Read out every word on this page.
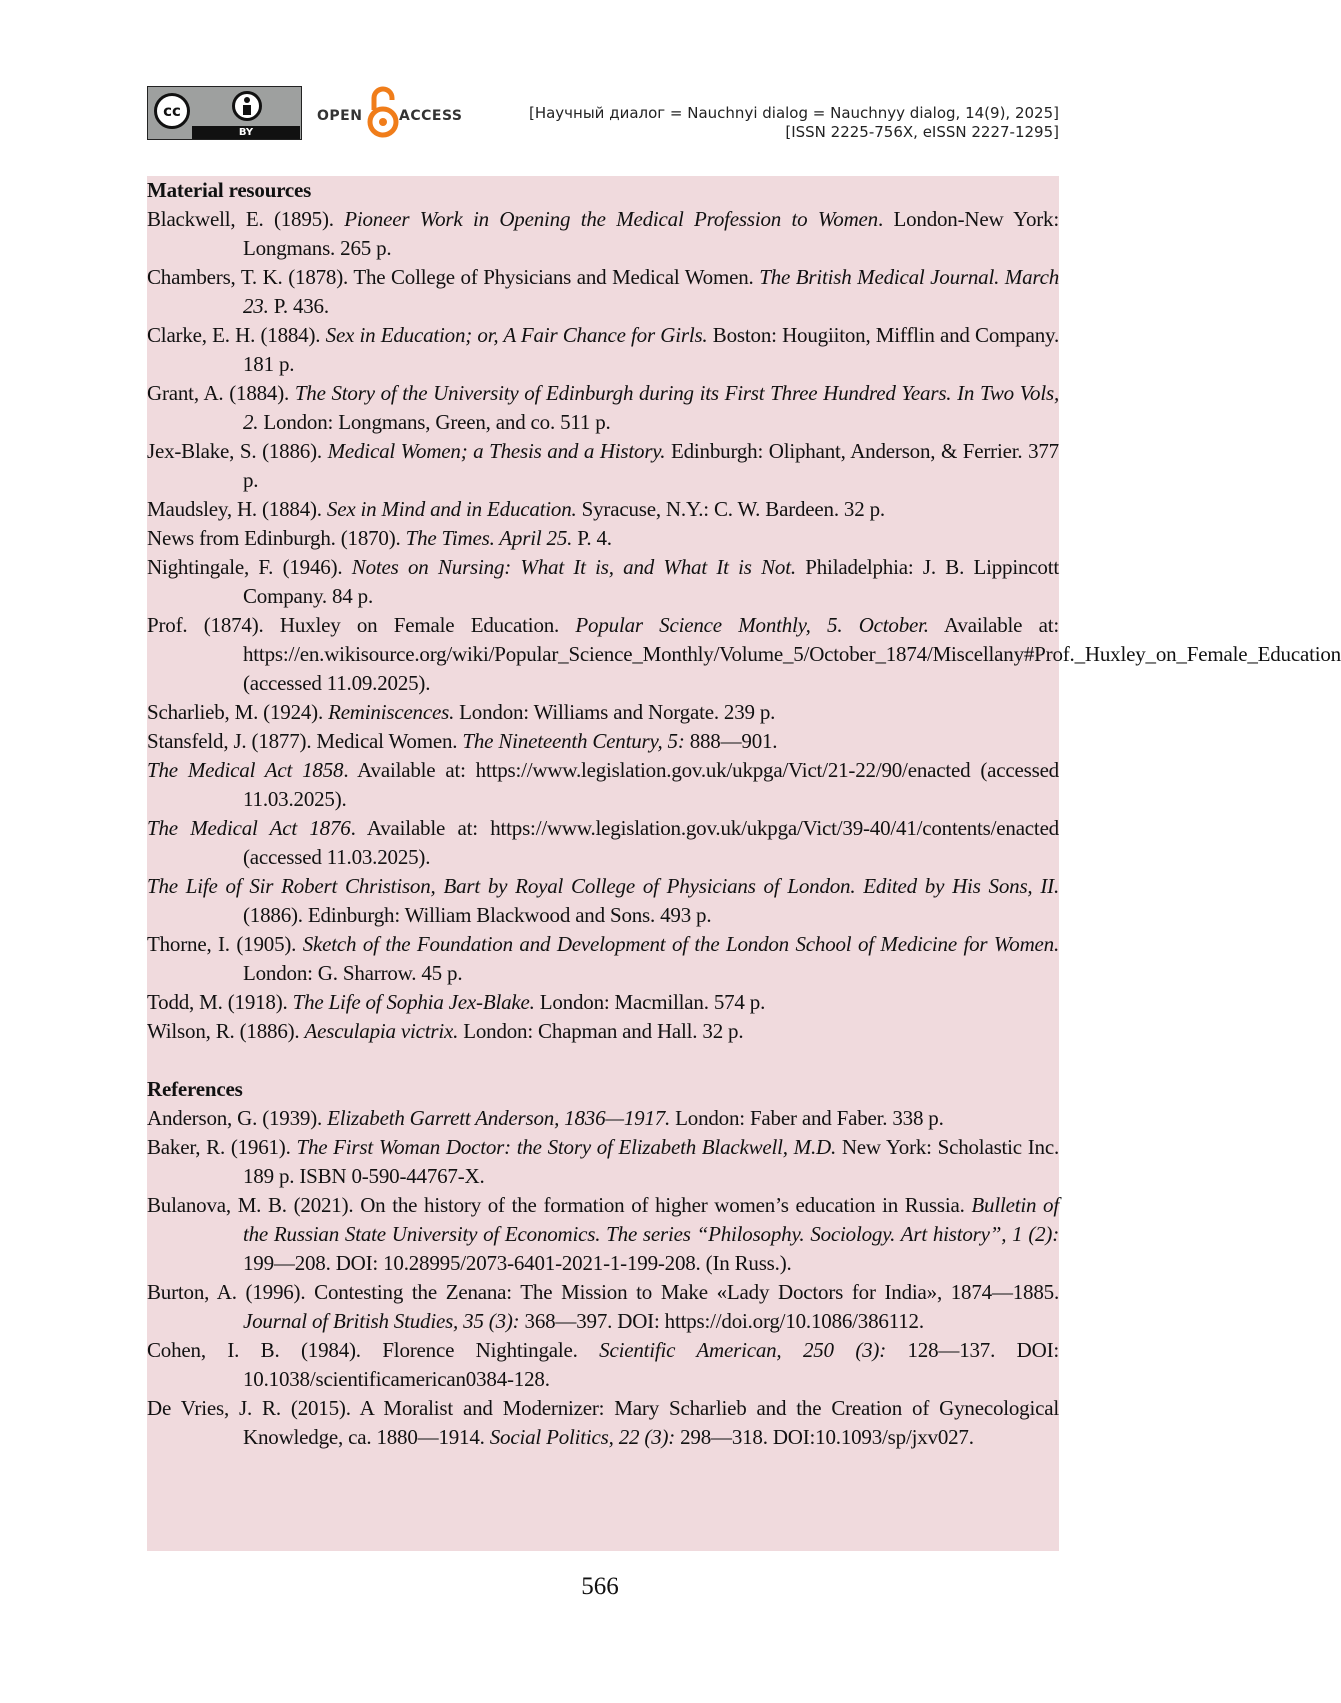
cc
BY
OPEN	ACCESS	[Научный диалог = Nauchnyi dialog = Nauchnyy dialog, 14(9), 2025]
[ISSN 2225-756X, eISSN 2227-1295]
Material resources
Blackwell, E. (1895). Pioneer Work in Opening the Medical Profession to Women. London-New York: Longmans. 265 p.
Chambers, T. K. (1878). The College of Physicians and Medical Women. The British Medical Journal. March 23. P. 436.
Clarke, E. H. (1884). Sex in Education; or, A Fair Chance for Girls. Boston: Hougiiton, Mifflin and Company. 181 p.
Grant, A. (1884). The Story of the University of Edinburgh during its First Three Hundred Years. In Two Vols, 2. London: Longmans, Green, and co. 511 p.
Jex-Blake, S. (1886). Medical Women; a Thesis and a History. Edinburgh: Oliphant, Anderson, & Ferrier. 377 p.
Maudsley, H. (1884). Sex in Mind and in Education. Syracuse, N.Y.: C. W. Bardeen. 32 p.
News from Edinburgh. (1870). The Times. April 25. P. 4.
Nightingale, F. (1946). Notes on Nursing: What It is, and What It is Not. Philadelphia: J. B. Lippincott Company. 84 p.
Prof. (1874). Huxley on Female Education. Popular Science Monthly, 5. October. Available at: https://en.wikisource.org/wiki/Popular_Science_Monthly/Volume_5/October_1874/Miscellany#Prof._Huxley_on_Female_Education (accessed 11.09.2025).
Scharlieb, M. (1924). Reminiscences. London: Williams and Norgate. 239 p.
Stansfeld, J. (1877). Medical Women. The Nineteenth Century, 5: 888—901.
The Medical Act 1858. Available at: https://www.legislation.gov.uk/ukpga/Vict/21-22/90/enacted (accessed 11.03.2025).
The Medical Act 1876. Available at: https://www.legislation.gov.uk/ukpga/Vict/39-40/41/contents/enacted (accessed 11.03.2025).
The Life of Sir Robert Christison, Bart by Royal College of Physicians of London. Edited by His Sons, II. (1886). Edinburgh: William Blackwood and Sons. 493 p.
Thorne, I. (1905). Sketch of the Foundation and Development of the London School of Medicine for Women. London: G. Sharrow. 45 p.
Todd, M. (1918). The Life of Sophia Jex-Blake. London: Macmillan. 574 p.
Wilson, R. (1886). Aesculapia victrix. London: Chapman and Hall. 32 p.
References
Anderson, G. (1939). Elizabeth Garrett Anderson, 1836—1917. London: Faber and Faber. 338 p.
Baker, R. (1961). The First Woman Doctor: the Story of Elizabeth Blackwell, M.D. New York: Scholastic Inc. 189 p. ISBN 0-590-44767-X.
Bulanova, M. B. (2021). On the history of the formation of higher women’s education in Russia. Bulletin of the Russian State University of Economics. The series “Philosophy. Sociology. Art history”, 1 (2): 199—208. DOI: 10.28995/2073-6401-2021-1-199-208. (In Russ.).
Burton, A. (1996). Contesting the Zenana: The Mission to Make «Lady Doctors for India», 1874—1885. Journal of British Studies, 35 (3): 368—397. DOI: https://doi.org/10.1086/386112.
Cohen, I. B. (1984). Florence Nightingale. Scientific American, 250 (3): 128—137. DOI: 10.1038/scientificamerican0384-128.
De Vries, J. R. (2015). A Moralist and Modernizer: Mary Scharlieb and the Creation of Gynecological Knowledge, ca. 1880—1914. Social Politics, 22 (3): 298—318. DOI:10.1093/sp/jxv027.
566
